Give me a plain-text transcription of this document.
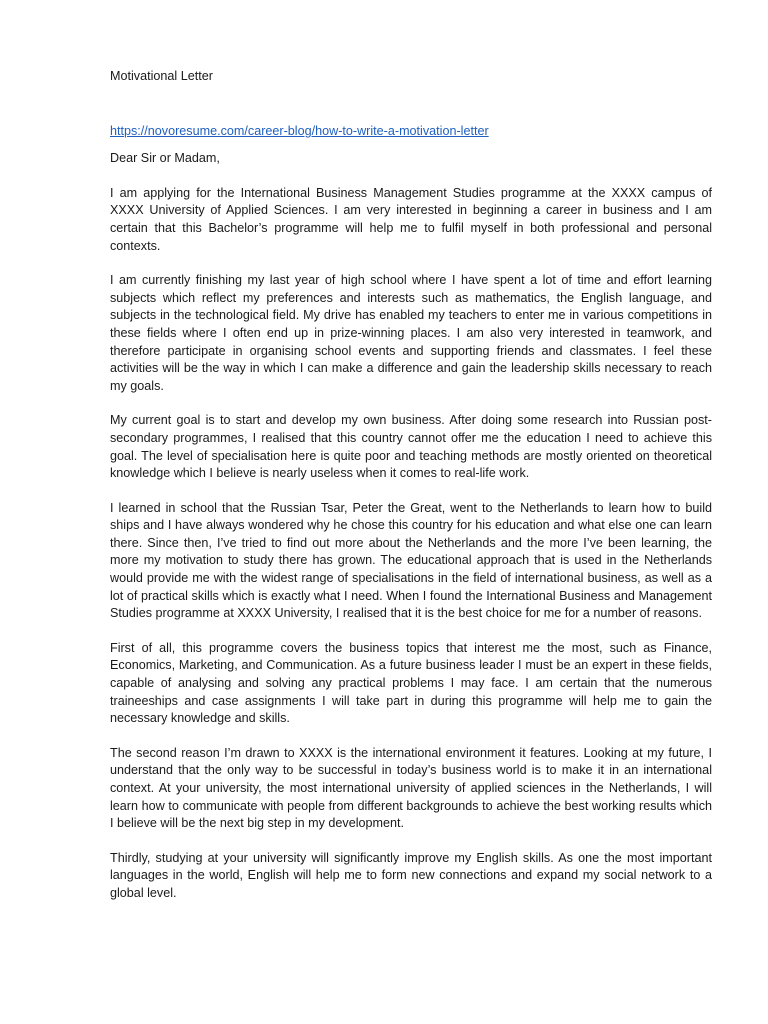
Motivational Letter

https://novoresume.com/career-blog/how-to-write-a-motivation-letter

Dear Sir or Madam,

I am applying for the International Business Management Studies programme at the XXXX campus of XXXX University of Applied Sciences. I am very interested in beginning a career in business and I am certain that this Bachelor’s programme will help me to fulfil myself in both professional and personal contexts.

I am currently finishing my last year of high school where I have spent a lot of time and effort learning subjects which reflect my preferences and interests such as mathematics, the English language, and subjects in the technological field. My drive has enabled my teachers to enter me in various competitions in these fields where I often end up in prize-winning places. I am also very interested in teamwork, and therefore participate in organising school events and supporting friends and classmates. I feel these activities will be the way in which I can make a difference and gain the leadership skills necessary to reach my goals.

My current goal is to start and develop my own business. After doing some research into Russian post-secondary programmes, I realised that this country cannot offer me the education I need to achieve this goal. The level of specialisation here is quite poor and teaching methods are mostly oriented on theoretical knowledge which I believe is nearly useless when it comes to real-life work.

I learned in school that the Russian Tsar, Peter the Great, went to the Netherlands to learn how to build ships and I have always wondered why he chose this country for his education and what else one can learn there. Since then, I’ve tried to find out more about the Netherlands and the more I’ve been learning, the more my motivation to study there has grown. The educational approach that is used in the Netherlands would provide me with the widest range of specialisations in the field of international business, as well as a lot of practical skills which is exactly what I need. When I found the International Business and Management Studies programme at XXXX University, I realised that it is the best choice for me for a number of reasons.

First of all, this programme covers the business topics that interest me the most, such as Finance, Economics, Marketing, and Communication. As a future business leader I must be an expert in these fields, capable of analysing and solving any practical problems I may face. I am certain that the numerous traineeships and case assignments I will take part in during this programme will help me to gain the necessary knowledge and skills.

The second reason I’m drawn to XXXX is the international environment it features. Looking at my future, I understand that the only way to be successful in today’s business world is to make it in an international context. At your university, the most international university of applied sciences in the Netherlands, I will learn how to communicate with people from different backgrounds to achieve the best working results which I believe will be the next big step in my development.

Thirdly, studying at your university will significantly improve my English skills. As one the most important languages in the world, English will help me to form new connections and expand my social network to a global level.
